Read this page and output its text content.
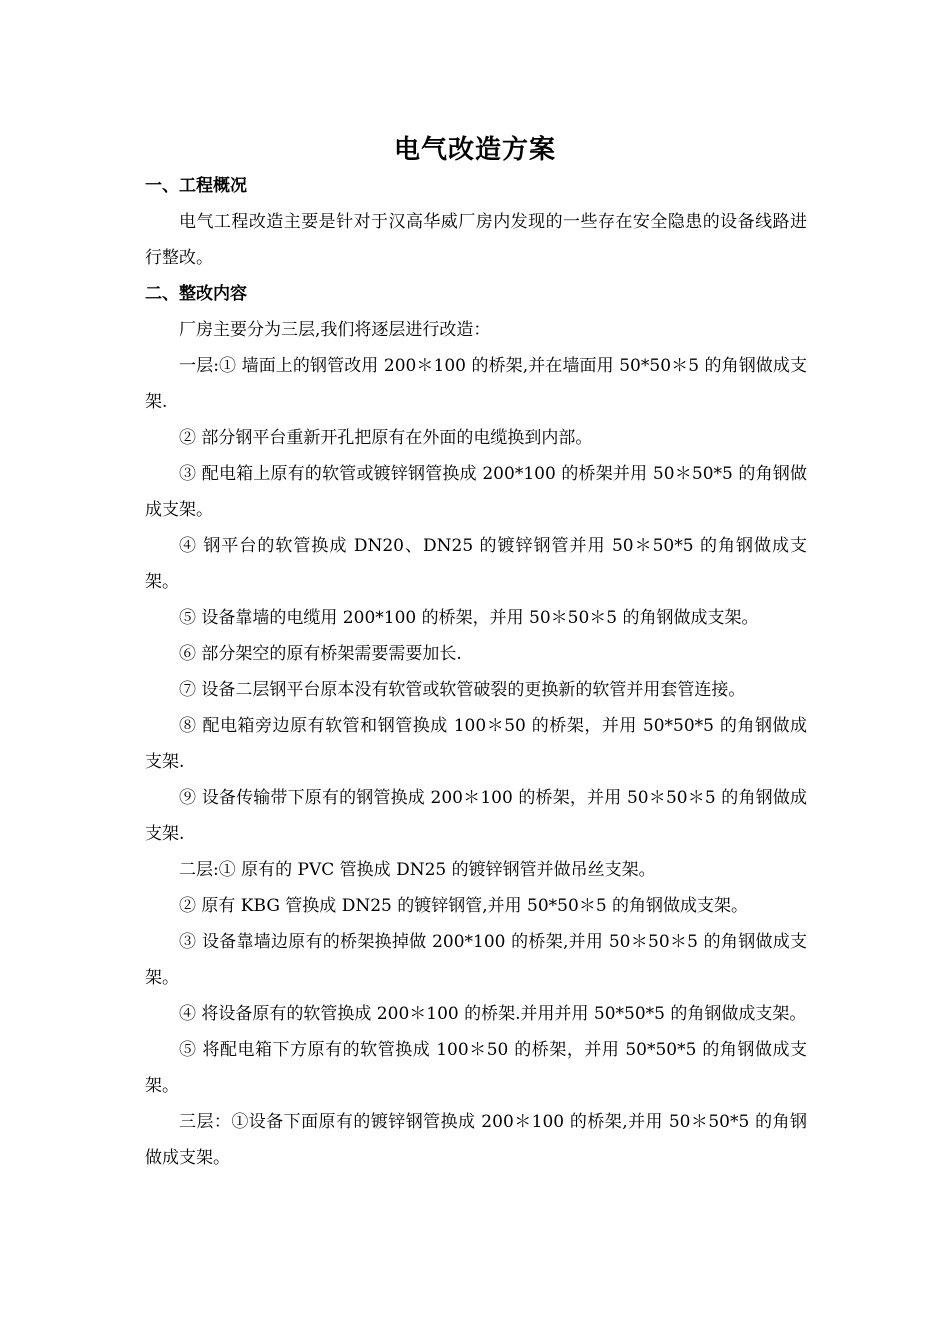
电气改造方案
一、工程概况

电气工程改造主要是针对于汉高华威厂房内发现的一些存在安全隐患的设备线路进行整改。

二、整改内容

厂房主要分为三层,我们将逐层进行改造：

一层:① 墙面上的钢管改用 200＊100 的桥架,并在墙面用 50*50＊5 的角钢做成支架.

② 部分钢平台重新开孔把原有在外面的电缆换到内部。

③ 配电箱上原有的软管或镀锌钢管换成 200*100 的桥架并用 50＊50*5 的角钢做成支架。

④ 钢平台的软管换成 DN20、DN25 的镀锌钢管并用 50＊50*5 的角钢做成支架。

⑤ 设备靠墙的电缆用 200*100 的桥架，并用 50＊50＊5 的角钢做成支架。

⑥ 部分架空的原有桥架需要需要加长.

⑦ 设备二层钢平台原本没有软管或软管破裂的更换新的软管并用套管连接。

⑧ 配电箱旁边原有软管和钢管换成 100＊50 的桥架，并用 50*50*5 的角钢做成支架.

⑨ 设备传输带下原有的钢管换成 200＊100 的桥架，并用 50＊50＊5 的角钢做成支架.

二层:① 原有的 PVC 管换成 DN25 的镀锌钢管并做吊丝支架。

② 原有 KBG 管换成 DN25 的镀锌钢管,并用 50*50＊5 的角钢做成支架。

③ 设备靠墙边原有的桥架换掉做 200*100 的桥架,并用 50＊50＊5 的角钢做成支架。

④ 将设备原有的软管换成 200＊100 的桥架.并用并用 50*50*5 的角钢做成支架。

⑤ 将配电箱下方原有的软管换成 100＊50 的桥架，并用 50*50*5 的角钢做成支架。

三层：①设备下面原有的镀锌钢管换成 200＊100 的桥架,并用 50＊50*5 的角钢做成支架。
